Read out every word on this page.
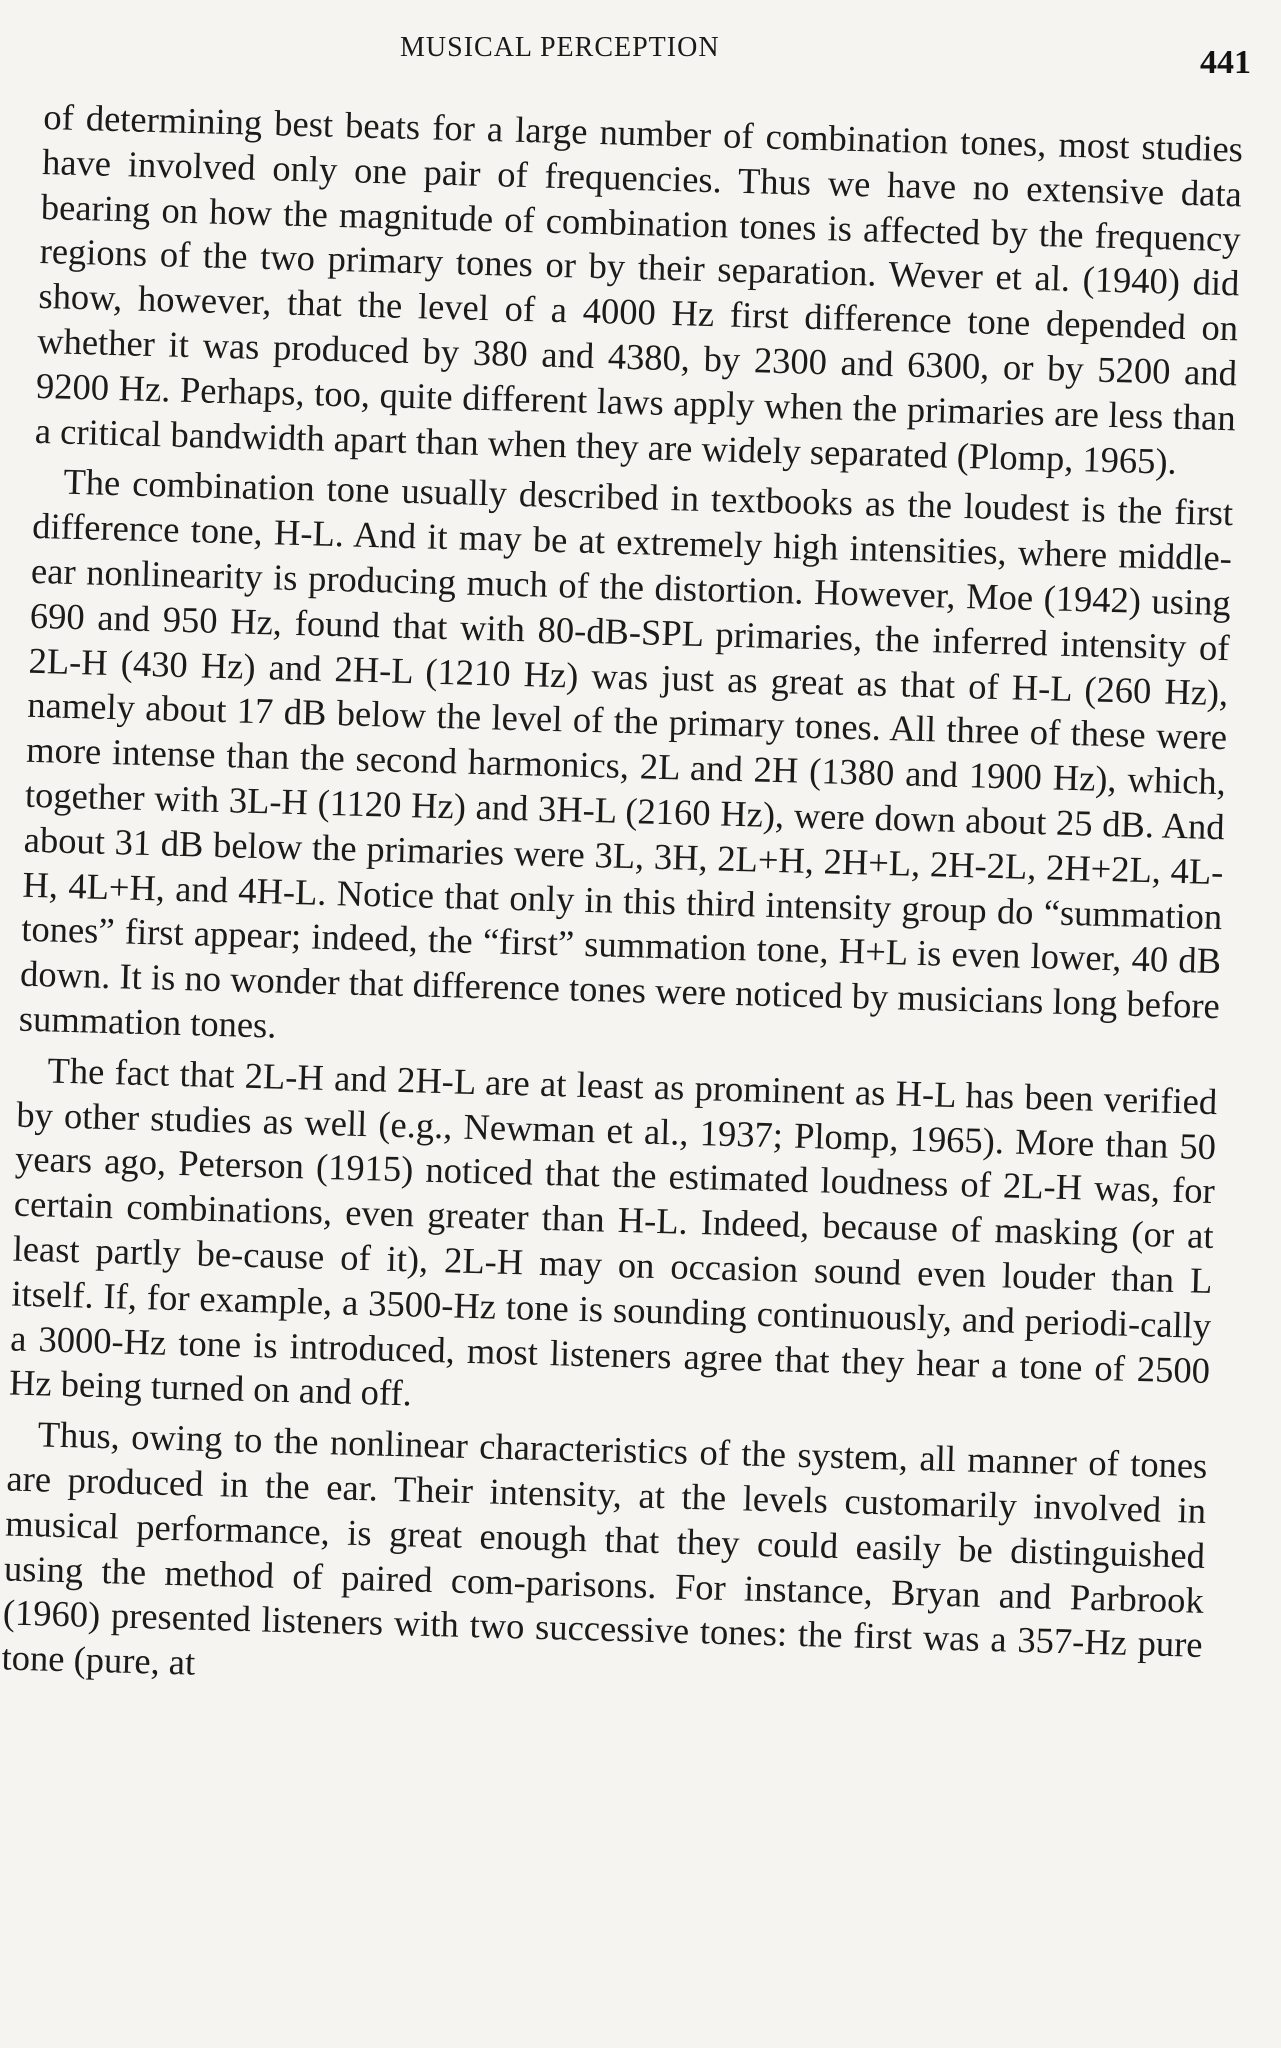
MUSICAL PERCEPTION	441

of determining best beats for a large number of combination tones, most studies have involved only one pair of frequencies. Thus we have no extensive data bearing on how the magnitude of combination tones is affected by the frequency regions of the two primary tones or by their separation. Wever et al. (1940) did show, however, that the level of a 4000 Hz first difference tone depended on whether it was produced by 380 and 4380, by 2300 and 6300, or by 5200 and 9200 Hz. Perhaps, too, quite different laws apply when the primaries are less than a critical bandwidth apart than when they are widely separated (Plomp, 1965).

The combination tone usually described in textbooks as the loudest is the first difference tone, H-L. And it may be at extremely high intensities, where middle-ear nonlinearity is producing much of the distortion. However, Moe (1942) using 690 and 950 Hz, found that with 80-dB-SPL primaries, the inferred intensity of 2L-H (430 Hz) and 2H-L (1210 Hz) was just as great as that of H-L (260 Hz), namely about 17 dB below the level of the primary tones. All three of these were more intense than the second harmonics, 2L and 2H (1380 and 1900 Hz), which, together with 3L-H (1120 Hz) and 3H-L (2160 Hz), were down about 25 dB. And about 31 dB below the primaries were 3L, 3H, 2L+H, 2H+L, 2H-2L, 2H+2L, 4L-H, 4L+H, and 4H-L. Notice that only in this third intensity group do “summation tones” first appear; indeed, the “first” summation tone, H+L is even lower, 40 dB down. It is no wonder that difference tones were noticed by musicians long before summation tones.

The fact that 2L-H and 2H-L are at least as prominent as H-L has been verified by other studies as well (e.g., Newman et al., 1937; Plomp, 1965). More than 50 years ago, Peterson (1915) noticed that the estimated loudness of 2L-H was, for certain combinations, even greater than H-L. Indeed, because of masking (or at least partly be-cause of it), 2L-H may on occasion sound even louder than L itself. If, for example, a 3500-Hz tone is sounding continuously, and periodi-cally a 3000-Hz tone is introduced, most listeners agree that they hear a tone of 2500 Hz being turned on and off.

Thus, owing to the nonlinear characteristics of the system, all manner of tones are produced in the ear. Their intensity, at the levels customarily involved in musical performance, is great enough that they could easily be distinguished using the method of paired com-parisons. For instance, Bryan and Parbrook (1960) presented listeners with two successive tones: the first was a 357-Hz pure tone (pure, at
